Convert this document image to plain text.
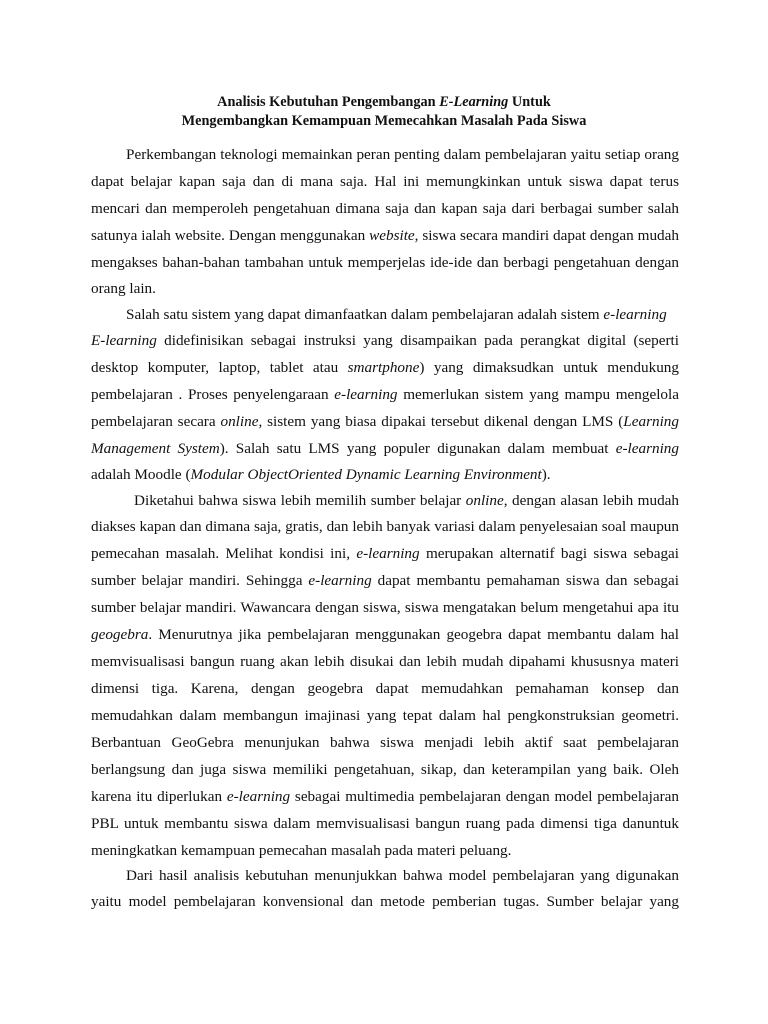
Analisis Kebutuhan Pengembangan E-Learning Untuk
Mengembangkan Kemampuan Memecahkan Masalah Pada Siswa
Perkembangan teknologi memainkan peran penting dalam pembelajaran yaitu setiap orang
dapat belajar kapan saja dan di mana saja. Hal ini memungkinkan untuk siswa dapat terus
mencari dan memperoleh pengetahuan dimana saja dan kapan saja dari berbagai sumber salah
satunya ialah website. Dengan menggunakan website, siswa secara mandiri dapat dengan mudah
mengakses bahan-bahan tambahan untuk memperjelas ide-ide dan berbagi pengetahuan dengan
orang lain.
Salah satu sistem yang dapat dimanfaatkan dalam pembelajaran adalah sistem e-learning
E-learning didefinisikan sebagai instruksi yang disampaikan pada perangkat digital (seperti
desktop komputer, laptop, tablet atau smartphone) yang dimaksudkan untuk mendukung
pembelajaran . Proses penyelengaraan e-learning memerlukan sistem yang mampu mengelola
pembelajaran secara online, sistem yang biasa dipakai tersebut dikenal dengan LMS (Learning
Management System). Salah satu LMS yang populer digunakan dalam membuat e-learning
adalah Moodle (Modular ObjectOriented Dynamic Learning Environment).
Diketahui bahwa siswa lebih memilih sumber belajar online, dengan alasan lebih mudah
diakses kapan dan dimana saja, gratis, dan lebih banyak variasi dalam penyelesaian soal maupun
pemecahan masalah. Melihat kondisi ini, e-learning merupakan alternatif bagi siswa sebagai
sumber belajar mandiri. Sehingga e-learning dapat membantu pemahaman siswa dan sebagai
sumber belajar mandiri. Wawancara dengan siswa, siswa mengatakan belum mengetahui apa itu
geogebra. Menurutnya jika pembelajaran menggunakan geogebra dapat membantu dalam hal
memvisualisasi bangun ruang akan lebih disukai dan lebih mudah dipahami khususnya materi
dimensi tiga. Karena, dengan geogebra dapat memudahkan pemahaman konsep dan
memudahkan dalam membangun imajinasi yang tepat dalam hal pengkonstruksian geometri.
Berbantuan GeoGebra menunjukan bahwa siswa menjadi lebih aktif saat pembelajaran
berlangsung dan juga siswa memiliki pengetahuan, sikap, dan keterampilan yang baik. Oleh
karena itu diperlukan e-learning sebagai multimedia pembelajaran dengan model pembelajaran
PBL untuk membantu siswa dalam memvisualisasi bangun ruang pada dimensi tiga danuntuk
meningkatkan kemampuan pemecahan masalah pada materi peluang.
Dari hasil analisis kebutuhan menunjukkan bahwa model pembelajaran yang digunakan
yaitu model pembelajaran konvensional dan metode pemberian tugas. Sumber belajar yang
